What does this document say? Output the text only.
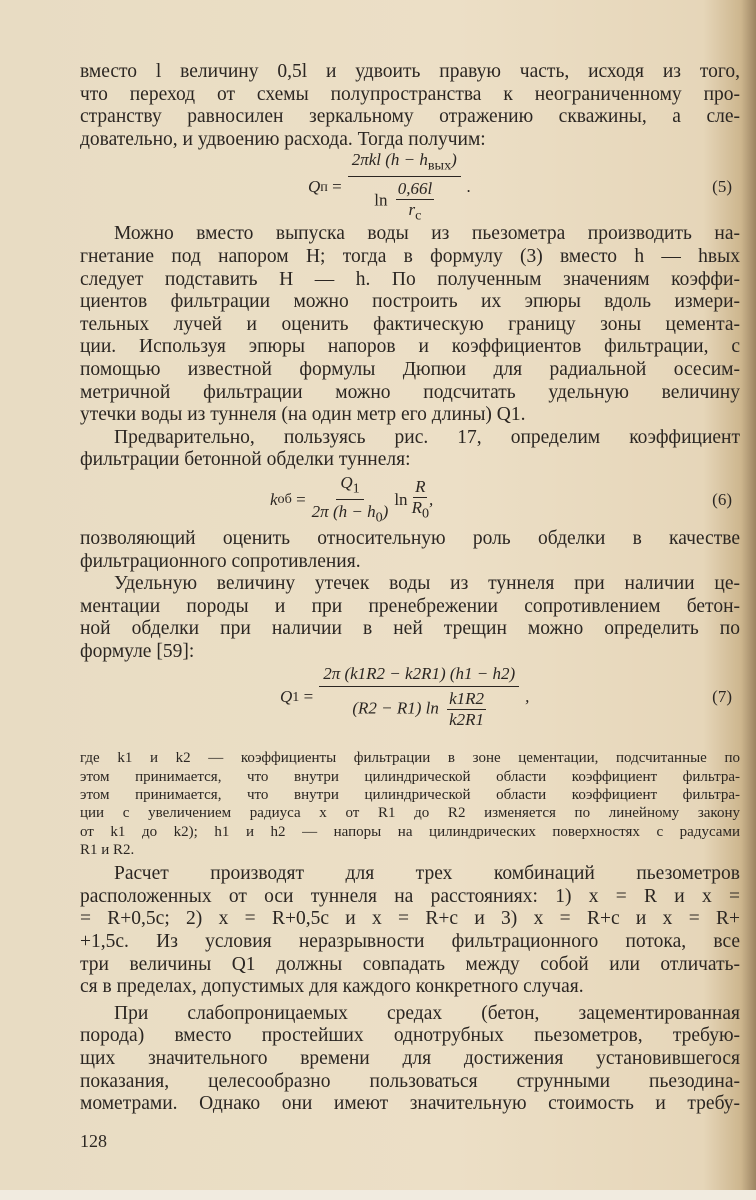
вместо l величину 0,5l и удвоить правую часть, исходя из того,
что переход от схемы полупространства к неограниченному про-
странству равносилен зеркальному отражению скважины, а сле-
довательно, и удвоению расхода. Тогда получим:
Q п
= $\frac{2\pi kl (h - h_{вых})}{\ln \frac{0,66l}{r_c}}$ .	(5)
Можно вместо выпуска воды из пьезометра производить на-
гнетание под напором H; тогда в формулу (3) вместо h — hвых
следует подставить H — h. По полученным значениям коэффи-
циентов фильтрации можно построить их эпюры вдоль измери-
тельных лучей и оценить фактическую границу зоны цемента-
ции. Используя эпюры напоров и коэффициентов фильтрации, с
помощью известной формулы Дюпюи для радиальной осесим-
метричной фильтрации можно подсчитать удельную величину
утечки воды из туннеля (на один метр его длины) Q1.
Предварительно, пользуясь рис. 17, определим коэффициент
фильтрации бетонной обделки туннеля:
k об
= $\frac{Q_1}{2\pi (h - h_0)}$ ln
R
$R_0$
,	(6)
позволяющий оценить относительную роль обделки в качестве
фильтрационного сопротивления.
Удельную величину утечек воды из туннеля при наличии це-
ментации породы и при пренебрежении сопротивлением бетон-
ной обделки при наличии в ней трещин можно определить по
формуле [59]:
Q 1
= $\frac{2\pi (k1R2 - k2R1) (h1 - h2)}{(R2 - R1) \ln \frac{k1R2}{k2R1}}$ ,	(7)
где k1 и k2 — коэффициенты фильтрации в зоне цементации, подсчитанные по
этом принимается, что внутри цилиндрической области коэффициент фильтра-
этом принимается, что внутри цилиндрической области коэффициент фильтра-
ции с увеличением радиуса x от R1 до R2 изменяется по линейному закону
от k1 до k2); h1 и h2 — напоры на цилиндрических поверхностях с радусами
R1 и R2.
Расчет производят для трех комбинаций пьезометров
расположенных от оси туннеля на расстояниях: 1) x = R и x =
= R+0,5c; 2) x = R+0,5c и x = R+c и 3) x = R+c и x = R+
+1,5c. Из условия неразрывности фильтрационного потока, все
три величины Q1 должны совпадать между собой или отличать-
ся в пределах, допустимых для каждого конкретного случая.
При слабопроницаемых средах (бетон, зацементированная
порода) вместо простейших однотрубных пьезометров, требую-
щих значительного времени для достижения установившегося
показания, целесообразно пользоваться струнными пьезодина-
мометрами. Однако они имеют значительную стоимость и требу-
128
